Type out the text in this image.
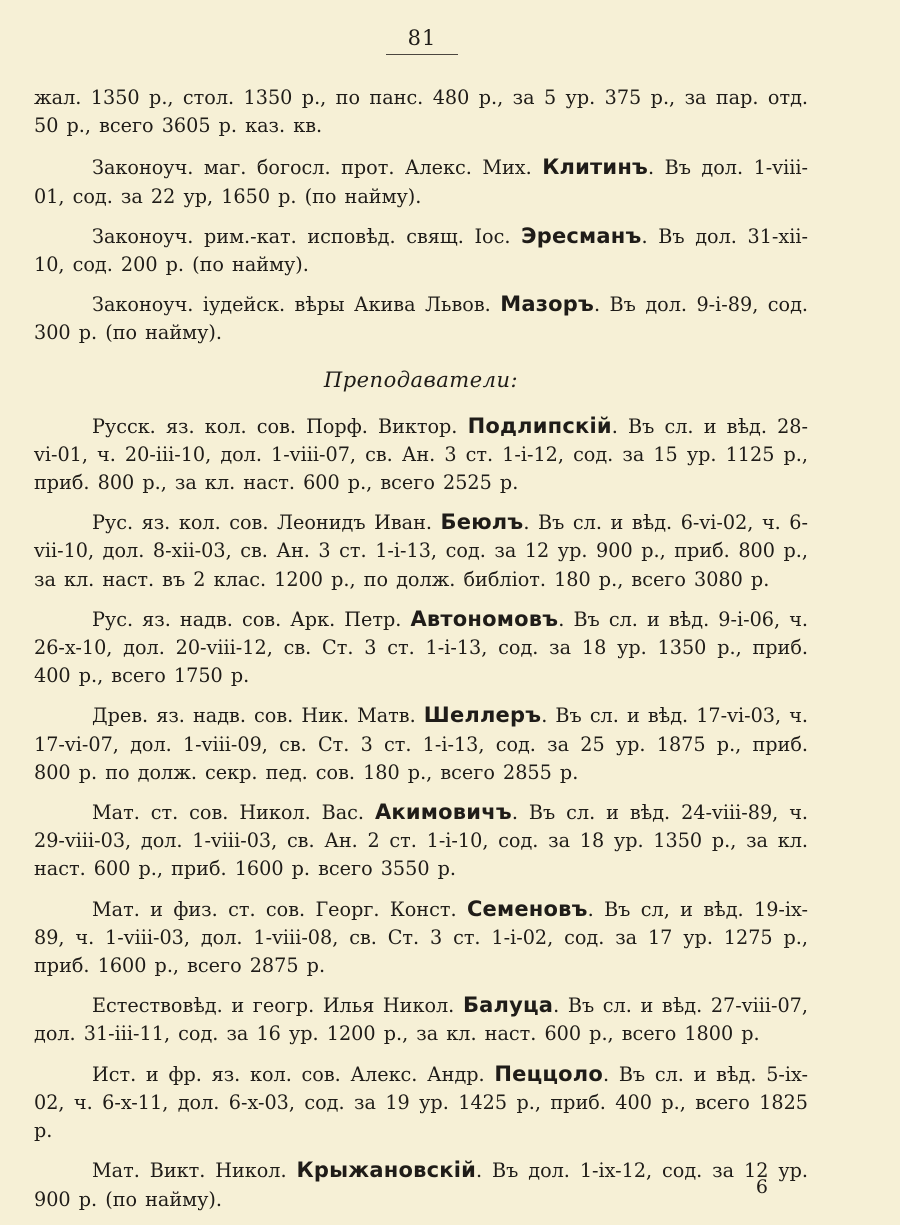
81

жал. 1350 р., стол. 1350 р., по панс. 480 р., за 5 ур. 375 р., за пар. отд. 50 р., всего 3605 р. каз. кв.

Законоуч. маг. богосл. прот. Алекс. Мих. Клитинъ. Въ дол. 1-viii-01, сод. за 22 ур, 1650 р. (по найму).

Законоуч. рим.-кат. исповѣд. свящ. Іос. Эресманъ. Въ дол. 31-xii-10, сод. 200 р. (по найму).

Законоуч. іудейск. вѣры Акива Львов. Мазоръ. Въ дол. 9-i-89, сод. 300 р. (по найму).

Преподаватели:

Русск. яз. кол. сов. Порф. Виктор. Подлипскій. Въ сл. и вѣд. 28-vi-01, ч. 20-iii-10, дол. 1-viii-07, св. Ан. 3 ст. 1-i-12, сод. за 15 ур. 1125 р., приб. 800 р., за кл. наст. 600 р., всего 2525 р.

Рус. яз. кол. сов. Леонидъ Иван. Беюлъ. Въ сл. и вѣд. 6-vi-02, ч. 6-vii-10, дол. 8-xii-03, св. Ан. 3 ст. 1-i-13, сод. за 12 ур. 900 р., приб. 800 р., за кл. наст. въ 2 клас. 1200 р., по долж. библіот. 180 р., всего 3080 р.

Рус. яз. надв. сов. Арк. Петр. Автономовъ. Въ сл. и вѣд. 9-i-06, ч. 26-x-10, дол. 20-viii-12, св. Ст. 3 ст. 1-i-13, сод. за 18 ур. 1350 р., приб. 400 р., всего 1750 р.

Древ. яз. надв. сов. Ник. Матв. Шеллеръ. Въ сл. и вѣд. 17-vi-03, ч. 17-vi-07, дол. 1-viii-09, св. Ст. 3 ст. 1-i-13, сод. за 25 ур. 1875 р., приб. 800 р. по долж. секр. пед. сов. 180 р., всего 2855 р.

Мат. ст. сов. Никол. Вас. Акимовичъ. Въ сл. и вѣд. 24-viii-89, ч. 29-viii-03, дол. 1-viii-03, св. Ан. 2 ст. 1-i-10, сод. за 18 ур. 1350 р., за кл. наст. 600 р., приб. 1600 р. всего 3550 р.

Мат. и физ. ст. сов. Георг. Конст. Семеновъ. Въ сл, и вѣд. 19-ix-89, ч. 1-viii-03, дол. 1-viii-08, св. Ст. 3 ст. 1-i-02, сод. за 17 ур. 1275 р., приб. 1600 р., всего 2875 р.

Естествовѣд. и геогр. Илья Никол. Балуца. Въ сл. и вѣд. 27-viii-07, дол. 31-iii-11, сод. за 16 ур. 1200 р., за кл. наст. 600 р., всего 1800 р.

Ист. и фр. яз. кол. сов. Алекс. Андр. Пеццоло. Въ сл. и вѣд. 5-ix-02, ч. 6-x-11, дол. 6-x-03, сод. за 19 ур. 1425 р., приб. 400 р., всего 1825 р.

Мат. Викт. Никол. Крыжановскій. Въ дол. 1-ix-12, сод. за 12 ур. 900 р. (по найму).

6
